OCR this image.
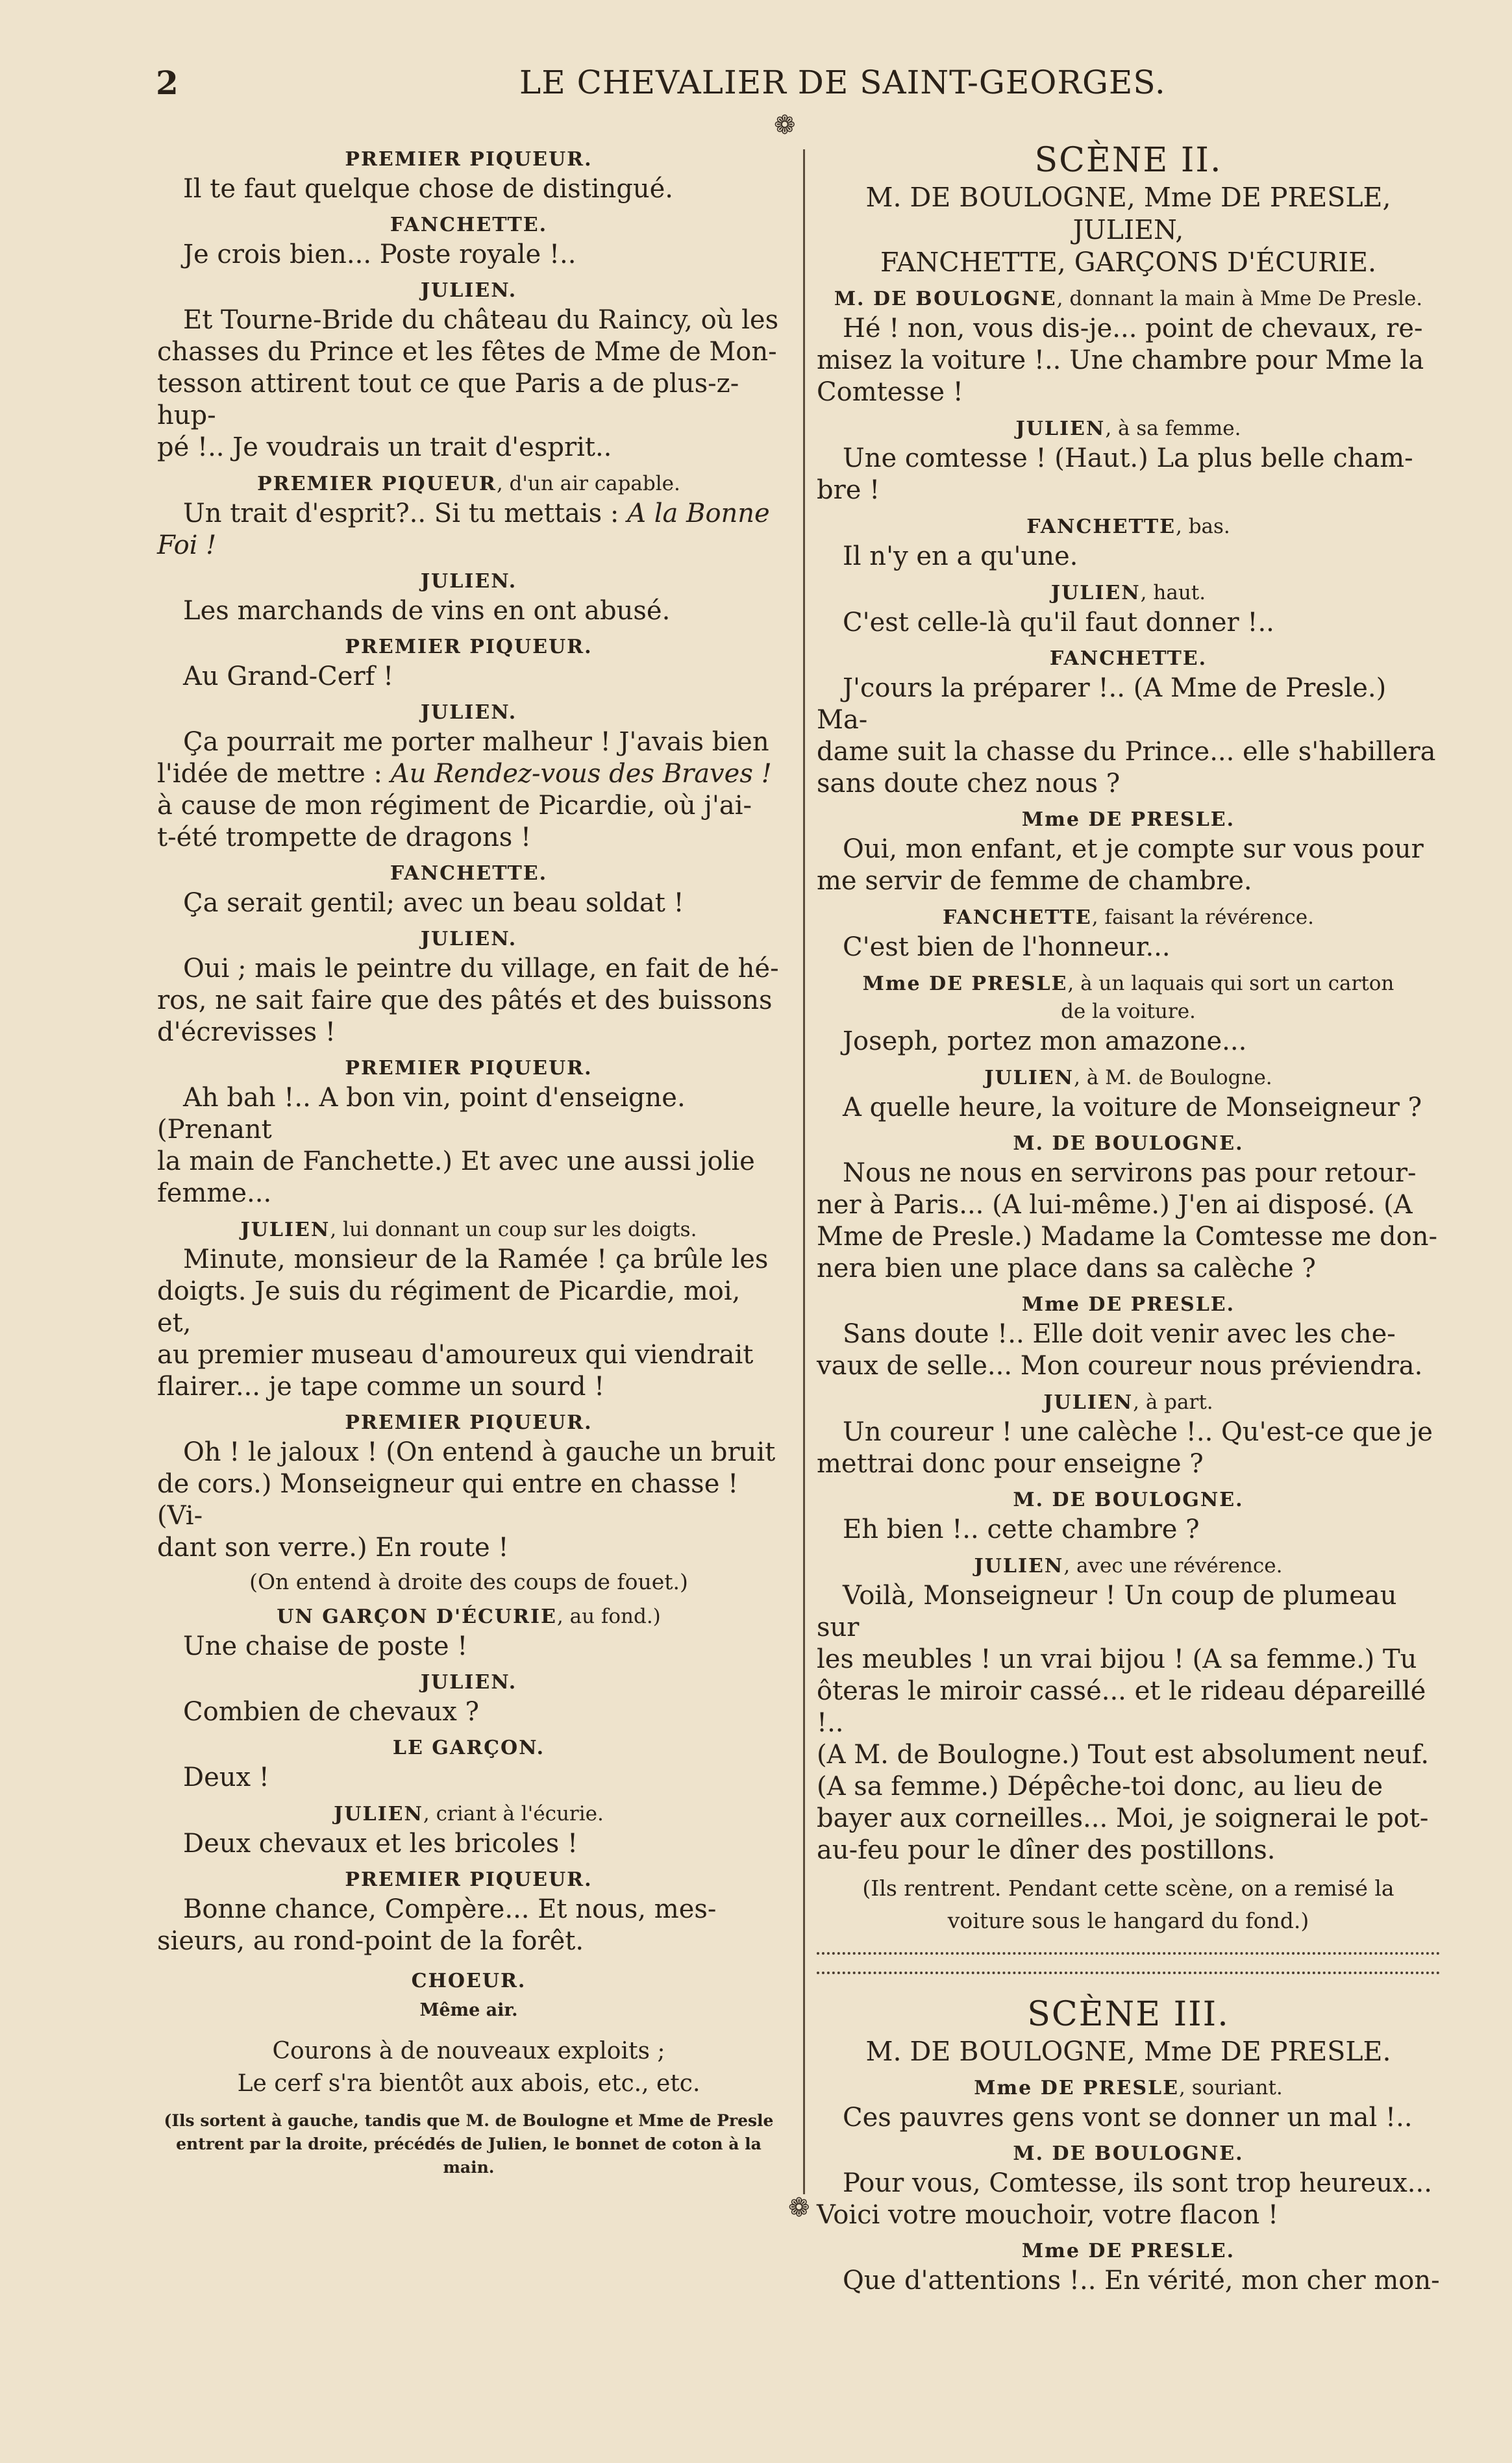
2	LE CHEVALIER DE SAINT-GEORGES.
❁
❁
PREMIER PIQUEUR.

Il te faut quelque chose de distingué.

FANCHETTE.

Je crois bien... Poste royale !..

JULIEN.

Et Tourne-Bride du château du Raincy, où les

chasses du Prince et les fêtes de Mme de Mon-

tesson attirent tout ce que Paris a de plus-z-hup-

pé !.. Je voudrais un trait d'esprit..

PREMIER PIQUEUR, d'un air capable.

Un trait d'esprit?.. Si tu mettais : A la Bonne

Foi !

JULIEN.

Les marchands de vins en ont abusé.

PREMIER PIQUEUR.

Au Grand-Cerf !

JULIEN.

Ça pourrait me porter malheur ! J'avais bien

l'idée de mettre : Au Rendez-vous des Braves !

à cause de mon régiment de Picardie, où j'ai-

t-été trompette de dragons !

FANCHETTE.

Ça serait gentil; avec un beau soldat !

JULIEN.

Oui ; mais le peintre du village, en fait de hé-

ros, ne sait faire que des pâtés et des buissons

d'écrevisses !

PREMIER PIQUEUR.

Ah bah !.. A bon vin, point d'enseigne. (Prenant

la main de Fanchette.) Et avec une aussi jolie

femme...

JULIEN, lui donnant un coup sur les doigts.

Minute, monsieur de la Ramée ! ça brûle les

doigts. Je suis du régiment de Picardie, moi, et,

au premier museau d'amoureux qui viendrait

flairer... je tape comme un sourd !

PREMIER PIQUEUR.

Oh ! le jaloux ! (On entend à gauche un bruit

de cors.) Monseigneur qui entre en chasse ! (Vi-

dant son verre.) En route !

(On entend à droite des coups de fouet.)
UN GARÇON D'ÉCURIE, au fond.)

Une chaise de poste !

JULIEN.

Combien de chevaux ?

LE GARÇON.

Deux !

JULIEN, criant à l'écurie.

Deux chevaux et les bricoles !

PREMIER PIQUEUR.

Bonne chance, Compère... Et nous, mes-

sieurs, au rond-point de la forêt.

CHOEUR.
Même air.
Courons à de nouveaux exploits ;
Le cerf s'ra bientôt aux abois, etc., etc.
(Ils sortent à gauche, tandis que M. de Boulogne et Mme de Presle
entrent par la droite, précédés de Julien, le bonnet de coton à la main.
SCÈNE II.
M. DE BOULOGNE, Mme DE PRESLE, JULIEN,
FANCHETTE, GARÇONS D'ÉCURIE.
M. DE BOULOGNE, donnant la main à Mme De Presle.

Hé ! non, vous dis-je... point de chevaux, re-

misez la voiture !.. Une chambre pour Mme la

Comtesse !

JULIEN, à sa femme.

Une comtesse ! (Haut.) La plus belle cham-

bre !

FANCHETTE, bas.

Il n'y en a qu'une.

JULIEN, haut.

C'est celle-là qu'il faut donner !..

FANCHETTE.

J'cours la préparer !.. (A Mme de Presle.) Ma-

dame suit la chasse du Prince... elle s'habillera

sans doute chez nous ?

Mme DE PRESLE.

Oui, mon enfant, et je compte sur vous pour

me servir de femme de chambre.

FANCHETTE, faisant la révérence.

C'est bien de l'honneur...

Mme DE PRESLE, à un laquais qui sort un carton
de la voiture.

Joseph, portez mon amazone...

JULIEN, à M. de Boulogne.

A quelle heure, la voiture de Monseigneur ?

M. DE BOULOGNE.

Nous ne nous en servirons pas pour retour-

ner à Paris... (A lui-même.) J'en ai disposé. (A

Mme de Presle.) Madame la Comtesse me don-

nera bien une place dans sa calèche ?

Mme DE PRESLE.

Sans doute !.. Elle doit venir avec les che-

vaux de selle... Mon coureur nous préviendra.

JULIEN, à part.

Un coureur ! une calèche !.. Qu'est-ce que je

mettrai donc pour enseigne ?

M. DE BOULOGNE.

Eh bien !.. cette chambre ?

JULIEN, avec une révérence.

Voilà, Monseigneur ! Un coup de plumeau sur

les meubles ! un vrai bijou ! (A sa femme.) Tu

ôteras le miroir cassé... et le rideau dépareillé !..

(A M. de Boulogne.) Tout est absolument neuf.

(A sa femme.) Dépêche-toi donc, au lieu de

bayer aux corneilles... Moi, je soignerai le pot-

au-feu pour le dîner des postillons.

(Ils rentrent. Pendant cette scène, on a remisé la
voiture sous le hangard du fond.)
SCÈNE III.
M. DE BOULOGNE, Mme DE PRESLE.
Mme DE PRESLE, souriant.

Ces pauvres gens vont se donner un mal !..

M. DE BOULOGNE.

Pour vous, Comtesse, ils sont trop heureux...

Voici votre mouchoir, votre flacon !

Mme DE PRESLE.

Que d'attentions !.. En vérité, mon cher mon-
